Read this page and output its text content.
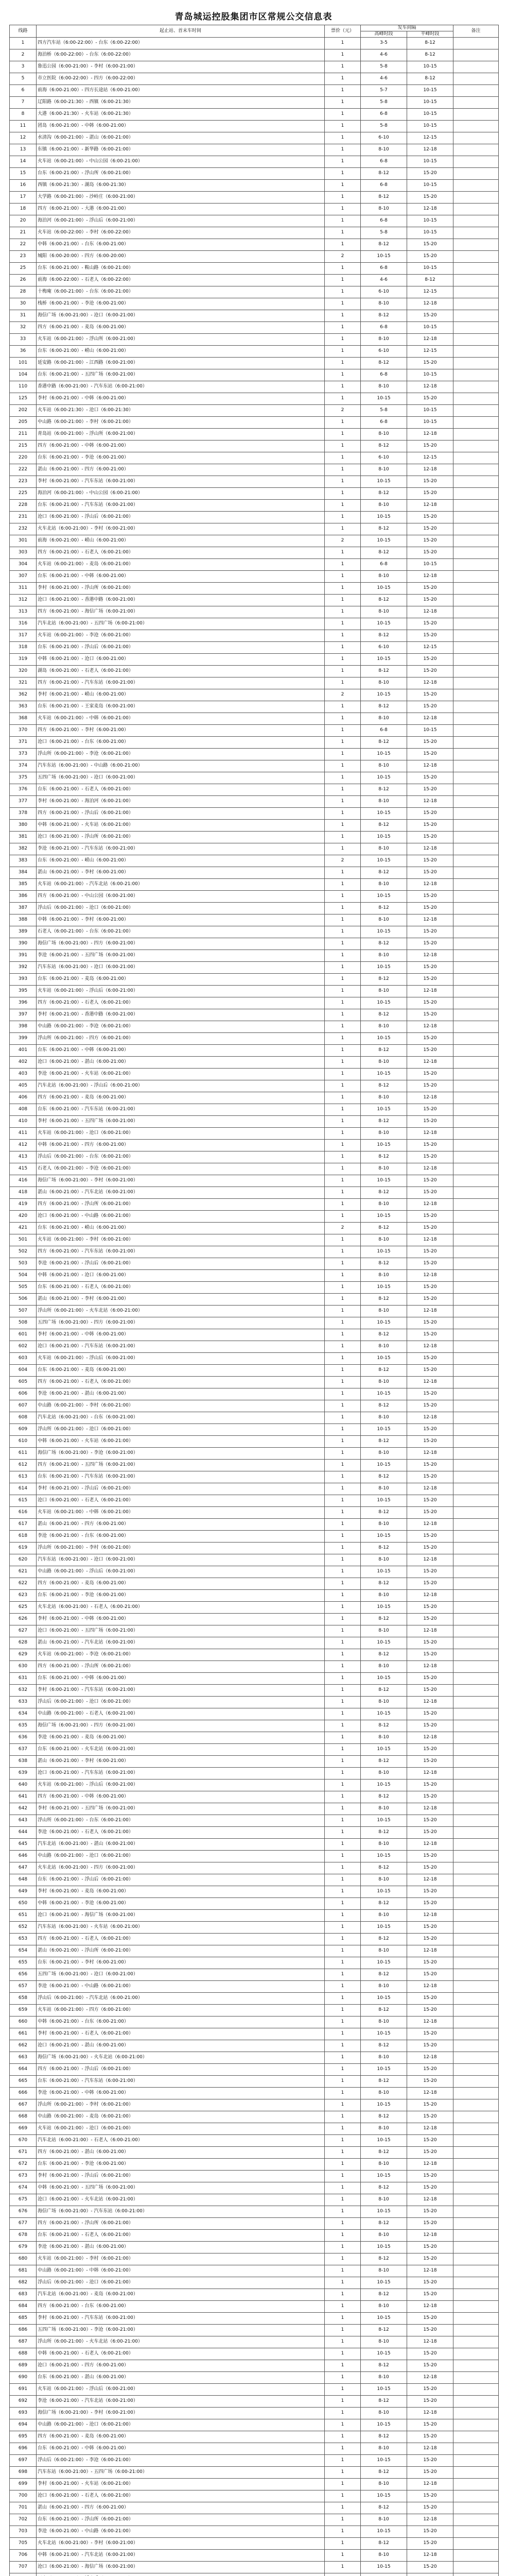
青岛城运控股集团市区常规公交信息表
线路	起止站、首末车时间	票价（元）	发车间隔		备注
			高峰时段	平峰时段	
1	四方汽车站（6:00-22:00）- 台东（6:00-22:00）	1	3-5	8-12	
2	海泊桥（6:00-22:00）- 台东（6:00-22:00）	1	4-6	8-12	
3	鲁迅公园（6:00-21:00）- 李村（6:00-21:00）	1	5-8	10-15	
5	市立医院（6:00-22:00）- 四方（6:00-22:00）	1	4-6	8-12	
6	前海（6:00-21:00）- 四方长途站（6:00-21:00）	1	5-7	10-15	
7	辽阳路（6:00-21:30）- 西镇（6:00-21:30）	1	5-8	10-15	
8	大港（6:00-21:30）- 火车站（6:00-21:30）	1	6-8	10-15	
11	团岛（6:00-21:00）- 中韩（6:00-21:00）	1	5-8	10-15	
12	水清沟（6:00-21:00）- 湛山（6:00-21:00）	1	6-10	12-15	
13	东镇（6:00-21:00）- 新华路（6:00-21:00）	1	8-10	12-18	
14	火车站（6:00-21:00）- 中山公园（6:00-21:00）	1	6-8	10-15	
15	台东（6:00-21:00）- 浮山所（6:00-21:00）	1	8-12	15-20	
16	西镇（6:00-21:30）- 湖岛（6:00-21:30）	1	6-8	10-15	
17	大学路（6:00-21:00）- 沙岭庄（6:00-21:00）	1	8-12	15-20	
18	四方（6:00-21:00）- 大港（6:00-21:00）	1	8-10	12-18	
20	海泊河（6:00-21:00）- 浮山后（6:00-21:00）	1	6-8	10-15	
21	火车站（6:00-22:00）- 李村（6:00-22:00）	1	5-8	10-15	
22	中韩（6:00-21:00）- 台东（6:00-21:00）	1	8-12	15-20	
23	城阳（6:00-20:00）- 四方（6:00-20:00）	2	10-15	15-20	
25	台东（6:00-21:00）- 鞍山路（6:00-21:00）	1	6-8	10-15	
26	前海（6:00-22:00）- 石老人（6:00-22:00）	1	4-6	8-12	
28	十梅庵（6:00-21:00）- 台东（6:00-21:00）	1	6-10	12-15	
30	栈桥（6:00-21:00）- 李沧（6:00-21:00）	1	8-10	12-18	
31	海信广场（6:00-21:00）- 沧口（6:00-21:00）	1	8-12	15-20	
32	四方（6:00-21:00）- 麦岛（6:00-21:00）	1	6-8	10-15	
33	火车站（6:00-21:00）- 浮山所（6:00-21:00）	1	8-10	12-18	
36	台东（6:00-21:00）- 崂山（6:00-21:00）	1	6-10	12-15	
101	延安路（6:00-21:00）- 江西路（6:00-21:00）	1	8-12	15-20	
104	台东（6:00-21:00）- 五四广场（6:00-21:00）	1	6-8	10-15	
110	香港中路（6:00-21:00）- 汽车东站（6:00-21:00）	1	8-10	12-18	
125	李村（6:00-21:00）- 中韩（6:00-21:00）	1	10-15	15-20	
202	火车站（6:00-21:30）- 沧口（6:00-21:30）	2	5-8	10-15	
205	中山路（6:00-21:00）- 李村（6:00-21:00）	1	6-8	10-15	
211	青岛站（6:00-21:00）- 浮山所（6:00-21:00）	1	8-10	12-18	
215	四方（6:00-21:00）- 中韩（6:00-21:00）	1	8-12	15-20	
220	台东（6:00-21:00）- 李沧（6:00-21:00）	1	6-10	12-15	
222	湛山（6:00-21:00）- 四方（6:00-21:00）	1	8-10	12-18	
223	李村（6:00-21:00）- 汽车东站（6:00-21:00）	1	10-15	15-20	
225	海泊河（6:00-21:00）- 中山公园（6:00-21:00）	1	8-12	15-20	
228	台东（6:00-21:00）- 汽车东站（6:00-21:00）	1	8-10	12-18	
231	沧口（6:00-21:00）- 浮山后（6:00-21:00）	1	10-15	15-20	
232	火车北站（6:00-21:00）- 李村（6:00-21:00）	1	8-12	15-20	
301	前海（6:00-21:00）- 崂山（6:00-21:00）	2	10-15	15-20	
303	四方（6:00-21:00）- 石老人（6:00-21:00）	1	8-12	15-20	
304	火车站（6:00-21:00）- 麦岛（6:00-21:00）	1	6-8	10-15	
307	台东（6:00-21:00）- 中韩（6:00-21:00）	1	8-10	12-18	
311	李村（6:00-21:00）- 浮山所（6:00-21:00）	1	10-15	15-20	
312	沧口（6:00-21:00）- 香港中路（6:00-21:00）	1	8-12	15-20	
313	四方（6:00-21:00）- 海信广场（6:00-21:00）	1	8-10	12-18	
316	汽车北站（6:00-21:00）- 五四广场（6:00-21:00）	1	10-15	15-20	
317	火车站（6:00-21:00）- 李沧（6:00-21:00）	1	8-12	15-20	
318	台东（6:00-21:00）- 浮山后（6:00-21:00）	1	6-10	12-15	
319	中韩（6:00-21:00）- 沧口（6:00-21:00）	1	10-15	15-20	
320	湖岛（6:00-21:00）- 石老人（6:00-21:00）	1	8-12	15-20	
321	四方（6:00-21:00）- 汽车东站（6:00-21:00）	1	8-10	12-18	
362	李村（6:00-21:00）- 崂山（6:00-21:00）	2	10-15	15-20	
363	台东（6:00-21:00）- 王家麦岛（6:00-21:00）	1	8-12	15-20	
368	火车站（6:00-21:00）- 中韩（6:00-21:00）	1	8-10	12-18	
370	四方（6:00-21:00）- 李村（6:00-21:00）	1	6-8	10-15	
371	沧口（6:00-21:00）- 台东（6:00-21:00）	1	8-12	15-20	
373	浮山所（6:00-21:00）- 李沧（6:00-21:00）	1	10-15	15-20	
374	汽车东站（6:00-21:00）- 中山路（6:00-21:00）	1	8-10	12-18	
375	五四广场（6:00-21:00）- 沧口（6:00-21:00）	1	10-15	15-20	
376	台东（6:00-21:00）- 石老人（6:00-21:00）	1	8-12	15-20	
377	李村（6:00-21:00）- 海泊河（6:00-21:00）	1	8-10	12-18	
378	四方（6:00-21:00）- 浮山后（6:00-21:00）	1	10-15	15-20	
380	中韩（6:00-21:00）- 火车站（6:00-21:00）	1	8-12	15-20	
381	沧口（6:00-21:00）- 浮山所（6:00-21:00）	1	10-15	15-20	
382	李沧（6:00-21:00）- 汽车东站（6:00-21:00）	1	8-10	12-18	
383	台东（6:00-21:00）- 崂山（6:00-21:00）	2	10-15	15-20	
384	湛山（6:00-21:00）- 李村（6:00-21:00）	1	8-12	15-20	
385	火车站（6:00-21:00）- 汽车北站（6:00-21:00）	1	8-10	12-18	
386	四方（6:00-21:00）- 中山公园（6:00-21:00）	1	10-15	15-20	
387	浮山后（6:00-21:00）- 沧口（6:00-21:00）	1	8-12	15-20	
388	中韩（6:00-21:00）- 李村（6:00-21:00）	1	8-10	12-18	
389	石老人（6:00-21:00）- 台东（6:00-21:00）	1	10-15	15-20	
390	海信广场（6:00-21:00）- 四方（6:00-21:00）	1	8-12	15-20	
391	李沧（6:00-21:00）- 五四广场（6:00-21:00）	1	8-10	12-18	
392	汽车东站（6:00-21:00）- 沧口（6:00-21:00）	1	10-15	15-20	
393	台东（6:00-21:00）- 麦岛（6:00-21:00）	1	8-12	15-20	
395	火车站（6:00-21:00）- 浮山后（6:00-21:00）	1	8-10	12-18	
396	四方（6:00-21:00）- 石老人（6:00-21:00）	1	10-15	15-20	
397	李村（6:00-21:00）- 香港中路（6:00-21:00）	1	8-12	15-20	
398	中山路（6:00-21:00）- 李沧（6:00-21:00）	1	8-10	12-18	
399	浮山所（6:00-21:00）- 四方（6:00-21:00）	1	10-15	15-20	
401	台东（6:00-21:00）- 中韩（6:00-21:00）	1	8-12	15-20	
402	沧口（6:00-21:00）- 湛山（6:00-21:00）	1	8-10	12-18	
403	李沧（6:00-21:00）- 火车站（6:00-21:00）	1	10-15	15-20	
405	汽车北站（6:00-21:00）- 浮山后（6:00-21:00）	1	8-12	15-20	
406	四方（6:00-21:00）- 麦岛（6:00-21:00）	1	8-10	12-18	
408	台东（6:00-21:00）- 汽车东站（6:00-21:00）	1	10-15	15-20	
410	李村（6:00-21:00）- 五四广场（6:00-21:00）	1	8-12	15-20	
411	火车站（6:00-21:00）- 沧口（6:00-21:00）	1	8-10	12-18	
412	中韩（6:00-21:00）- 四方（6:00-21:00）	1	10-15	15-20	
413	浮山后（6:00-21:00）- 台东（6:00-21:00）	1	8-12	15-20	
415	石老人（6:00-21:00）- 李沧（6:00-21:00）	1	8-10	12-18	
416	海信广场（6:00-21:00）- 李村（6:00-21:00）	1	10-15	15-20	
418	湛山（6:00-21:00）- 汽车北站（6:00-21:00）	1	8-12	15-20	
419	四方（6:00-21:00）- 浮山所（6:00-21:00）	1	8-10	12-18	
420	沧口（6:00-21:00）- 中山路（6:00-21:00）	1	10-15	15-20	
421	台东（6:00-21:00）- 崂山（6:00-21:00）	2	8-12	15-20	
501	火车站（6:00-21:00）- 李村（6:00-21:00）	1	8-10	12-18	
502	四方（6:00-21:00）- 汽车东站（6:00-21:00）	1	10-15	15-20	
503	李沧（6:00-21:00）- 浮山后（6:00-21:00）	1	8-12	15-20	
504	中韩（6:00-21:00）- 沧口（6:00-21:00）	1	8-10	12-18	
505	台东（6:00-21:00）- 石老人（6:00-21:00）	1	10-15	15-20	
506	湛山（6:00-21:00）- 李村（6:00-21:00）	1	8-12	15-20	
507	浮山所（6:00-21:00）- 火车北站（6:00-21:00）	1	8-10	12-18	
508	五四广场（6:00-21:00）- 四方（6:00-21:00）	1	10-15	15-20	
601	李村（6:00-21:00）- 中韩（6:00-21:00）	1	8-12	15-20	
602	沧口（6:00-21:00）- 汽车东站（6:00-21:00）	1	8-10	12-18	
603	火车站（6:00-21:00）- 浮山后（6:00-21:00）	1	10-15	15-20	
604	台东（6:00-21:00）- 麦岛（6:00-21:00）	1	8-12	15-20	
605	四方（6:00-21:00）- 石老人（6:00-21:00）	1	8-10	12-18	
606	李沧（6:00-21:00）- 湛山（6:00-21:00）	1	10-15	15-20	
607	中山路（6:00-21:00）- 李村（6:00-21:00）	1	8-12	15-20	
608	汽车北站（6:00-21:00）- 台东（6:00-21:00）	1	8-10	12-18	
609	浮山所（6:00-21:00）- 沧口（6:00-21:00）	1	10-15	15-20	
610	中韩（6:00-21:00）- 火车站（6:00-21:00）	1	8-12	15-20	
611	海信广场（6:00-21:00）- 李沧（6:00-21:00）	1	8-10	12-18	
612	四方（6:00-21:00）- 五四广场（6:00-21:00）	1	10-15	15-20	
613	台东（6:00-21:00）- 汽车东站（6:00-21:00）	1	8-12	15-20	
614	李村（6:00-21:00）- 浮山后（6:00-21:00）	1	8-10	12-18	
615	沧口（6:00-21:00）- 石老人（6:00-21:00）	1	10-15	15-20	
616	火车站（6:00-21:00）- 中韩（6:00-21:00）	1	8-12	15-20	
617	湛山（6:00-21:00）- 四方（6:00-21:00）	1	8-10	12-18	
618	李沧（6:00-21:00）- 台东（6:00-21:00）	1	10-15	15-20	
619	浮山所（6:00-21:00）- 李村（6:00-21:00）	1	8-12	15-20	
620	汽车东站（6:00-21:00）- 沧口（6:00-21:00）	1	8-10	12-18	
621	中山路（6:00-21:00）- 浮山后（6:00-21:00）	1	10-15	15-20	
622	四方（6:00-21:00）- 麦岛（6:00-21:00）	1	8-12	15-20	
623	台东（6:00-21:00）- 李沧（6:00-21:00）	1	8-10	12-18	
625	火车北站（6:00-21:00）- 石老人（6:00-21:00）	1	10-15	15-20	
626	李村（6:00-21:00）- 中韩（6:00-21:00）	1	8-12	15-20	
627	沧口（6:00-21:00）- 五四广场（6:00-21:00）	1	8-10	12-18	
628	湛山（6:00-21:00）- 汽车北站（6:00-21:00）	1	10-15	15-20	
629	火车站（6:00-21:00）- 李沧（6:00-21:00）	1	8-12	15-20	
630	四方（6:00-21:00）- 浮山所（6:00-21:00）	1	8-10	12-18	
631	台东（6:00-21:00）- 中韩（6:00-21:00）	1	10-15	15-20	
632	李村（6:00-21:00）- 汽车东站（6:00-21:00）	1	8-12	15-20	
633	浮山后（6:00-21:00）- 沧口（6:00-21:00）	1	8-10	12-18	
634	中山路（6:00-21:00）- 石老人（6:00-21:00）	1	10-15	15-20	
635	海信广场（6:00-21:00）- 四方（6:00-21:00）	1	8-12	15-20	
636	李沧（6:00-21:00）- 麦岛（6:00-21:00）	1	8-10	12-18	
637	台东（6:00-21:00）- 火车北站（6:00-21:00）	1	10-15	15-20	
638	湛山（6:00-21:00）- 李村（6:00-21:00）	1	8-12	15-20	
639	沧口（6:00-21:00）- 汽车东站（6:00-21:00）	1	8-10	12-18	
640	火车站（6:00-21:00）- 浮山后（6:00-21:00）	1	10-15	15-20	
641	四方（6:00-21:00）- 中韩（6:00-21:00）	1	8-12	15-20	
642	李村（6:00-21:00）- 五四广场（6:00-21:00）	1	8-10	12-18	
643	浮山所（6:00-21:00）- 台东（6:00-21:00）	1	10-15	15-20	
644	李沧（6:00-21:00）- 石老人（6:00-21:00）	1	8-12	15-20	
645	汽车北站（6:00-21:00）- 湛山（6:00-21:00）	1	8-10	12-18	
646	中山路（6:00-21:00）- 沧口（6:00-21:00）	1	10-15	15-20	
647	火车北站（6:00-21:00）- 四方（6:00-21:00）	1	8-12	15-20	
648	台东（6:00-21:00）- 浮山后（6:00-21:00）	1	8-10	12-18	
649	李村（6:00-21:00）- 麦岛（6:00-21:00）	1	10-15	15-20	
650	中韩（6:00-21:00）- 李沧（6:00-21:00）	1	8-12	15-20	
651	沧口（6:00-21:00）- 海信广场（6:00-21:00）	1	8-10	12-18	
652	汽车东站（6:00-21:00）- 火车站（6:00-21:00）	1	10-15	15-20	
653	四方（6:00-21:00）- 石老人（6:00-21:00）	1	8-12	15-20	
654	湛山（6:00-21:00）- 浮山所（6:00-21:00）	1	8-10	12-18	
655	台东（6:00-21:00）- 李村（6:00-21:00）	1	10-15	15-20	
656	五四广场（6:00-21:00）- 沧口（6:00-21:00）	1	8-12	15-20	
657	李沧（6:00-21:00）- 中山路（6:00-21:00）	1	8-10	12-18	
658	浮山后（6:00-21:00）- 汽车北站（6:00-21:00）	1	10-15	15-20	
659	火车站（6:00-21:00）- 四方（6:00-21:00）	1	8-12	15-20	
660	中韩（6:00-21:00）- 台东（6:00-21:00）	1	8-10	12-18	
661	李村（6:00-21:00）- 石老人（6:00-21:00）	1	10-15	15-20	
662	沧口（6:00-21:00）- 湛山（6:00-21:00）	1	8-12	15-20	
663	海信广场（6:00-21:00）- 火车北站（6:00-21:00）	1	8-10	12-18	
664	四方（6:00-21:00）- 浮山后（6:00-21:00）	1	10-15	15-20	
665	台东（6:00-21:00）- 汽车东站（6:00-21:00）	1	8-12	15-20	
666	李沧（6:00-21:00）- 中韩（6:00-21:00）	1	8-10	12-18	
667	浮山所（6:00-21:00）- 李村（6:00-21:00）	1	10-15	15-20	
668	中山路（6:00-21:00）- 麦岛（6:00-21:00）	1	8-12	15-20	
669	火车站（6:00-21:00）- 沧口（6:00-21:00）	1	8-10	12-18	
670	汽车北站（6:00-21:00）- 石老人（6:00-21:00）	1	10-15	15-20	
671	四方（6:00-21:00）- 湛山（6:00-21:00）	1	8-12	15-20	
672	台东（6:00-21:00）- 李沧（6:00-21:00）	1	8-10	12-18	
673	李村（6:00-21:00）- 浮山后（6:00-21:00）	1	10-15	15-20	
674	中韩（6:00-21:00）- 五四广场（6:00-21:00）	1	8-12	15-20	
675	沧口（6:00-21:00）- 火车北站（6:00-21:00）	1	8-10	12-18	
676	海信广场（6:00-21:00）- 汽车东站（6:00-21:00）	1	10-15	15-20	
677	四方（6:00-21:00）- 浮山所（6:00-21:00）	1	8-12	15-20	
678	台东（6:00-21:00）- 石老人（6:00-21:00）	1	8-10	12-18	
679	李沧（6:00-21:00）- 湛山（6:00-21:00）	1	10-15	15-20	
680	火车站（6:00-21:00）- 李村（6:00-21:00）	1	8-12	15-20	
681	中山路（6:00-21:00）- 中韩（6:00-21:00）	1	8-10	12-18	
682	浮山后（6:00-21:00）- 沧口（6:00-21:00）	1	10-15	15-20	
683	汽车北站（6:00-21:00）- 麦岛（6:00-21:00）	1	8-12	15-20	
684	四方（6:00-21:00）- 台东（6:00-21:00）	1	8-10	12-18	
685	李村（6:00-21:00）- 汽车东站（6:00-21:00）	1	10-15	15-20	
686	五四广场（6:00-21:00）- 李沧（6:00-21:00）	1	8-12	15-20	
687	浮山所（6:00-21:00）- 火车北站（6:00-21:00）	1	8-10	12-18	
688	中韩（6:00-21:00）- 石老人（6:00-21:00）	1	10-15	15-20	
689	沧口（6:00-21:00）- 四方（6:00-21:00）	1	8-12	15-20	
690	台东（6:00-21:00）- 湛山（6:00-21:00）	1	8-10	12-18	
691	火车站（6:00-21:00）- 浮山后（6:00-21:00）	1	10-15	15-20	
692	李沧（6:00-21:00）- 汽车北站（6:00-21:00）	1	8-12	15-20	
693	海信广场（6:00-21:00）- 李村（6:00-21:00）	1	8-10	12-18	
694	中山路（6:00-21:00）- 沧口（6:00-21:00）	1	10-15	15-20	
695	四方（6:00-21:00）- 麦岛（6:00-21:00）	1	8-12	15-20	
696	台东（6:00-21:00）- 中韩（6:00-21:00）	1	8-10	12-18	
697	浮山后（6:00-21:00）- 李沧（6:00-21:00）	1	10-15	15-20	
698	汽车东站（6:00-21:00）- 五四广场（6:00-21:00）	1	8-12	15-20	
699	李村（6:00-21:00）- 火车站（6:00-21:00）	1	8-10	12-18	
700	沧口（6:00-21:00）- 石老人（6:00-21:00）	1	10-15	15-20	
701	湛山（6:00-21:00）- 四方（6:00-21:00）	1	8-12	15-20	
702	台东（6:00-21:00）- 浮山所（6:00-21:00）	1	8-10	12-18	
703	李沧（6:00-21:00）- 中山路（6:00-21:00）	1	10-15	15-20	
705	火车北站（6:00-21:00）- 李村（6:00-21:00）	1	8-12	15-20	
706	中韩（6:00-21:00）- 汽车北站（6:00-21:00）	1	8-10	12-18	
707	沧口（6:00-21:00）- 海信广场（6:00-21:00）	1	10-15	15-20	
